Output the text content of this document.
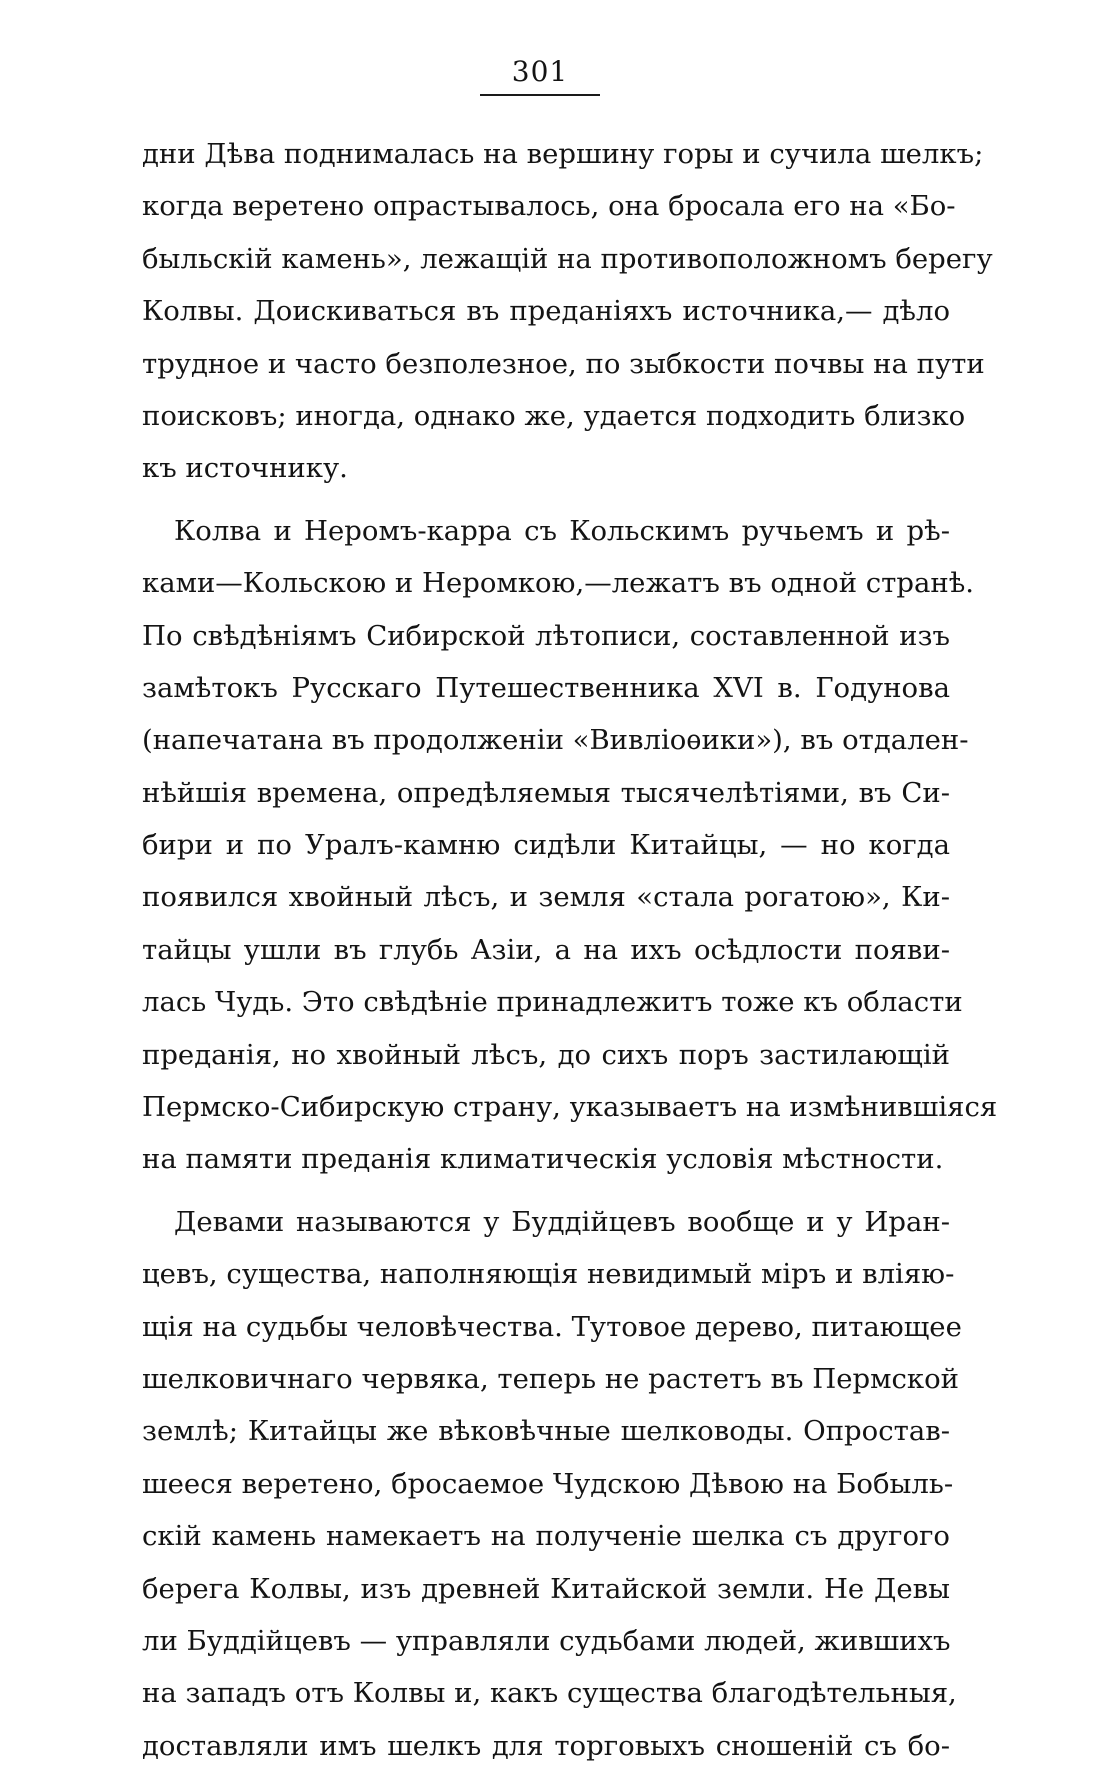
301
дни Дѣва поднималась на вершину горы и сучила шелкъ;
когда веретено опрастывалось, она бросала его на «Бо-
быльскій камень», лежащій на противоположномъ берегу
Колвы. Доискиваться въ преданіяхъ источника,— дѣло
трудное и часто безполезное, по зыбкости почвы на пути
поисковъ; иногда, однако же, удается подходить близко
къ источнику.
Колва и Неромъ-карра съ Кольскимъ ручьемъ и рѣ-
ками—Кольскою и Неромкою,—лежатъ въ одной странѣ.
По свѣдѣніямъ Сибирской лѣтописи, составленной изъ
замѣтокъ Русскаго Путешественника XVI в. Годунова
(напечатана въ продолженіи «Вивліоѳики»), въ отдален-
нѣйшія времена, опредѣляемыя тысячелѣтіями, въ Си-
бири и по Уралъ-камню сидѣли Китайцы, — но когда
появился хвойный лѣсъ, и земля «стала рогатою», Ки-
тайцы ушли въ глубь Азіи, а на ихъ осѣдлости появи-
лась Чудь. Это свѣдѣніе принадлежитъ тоже къ области
преданія, но хвойный лѣсъ, до сихъ поръ застилающій
Пермско-Сибирскую страну, указываетъ на измѣнившіяся
на памяти преданія климатическія условія мѣстности.
Девами называются у Буддійцевъ вообще и у Иран-
цевъ, существа, наполняющія невидимый міръ и вліяю-
щія на судьбы человѣчества. Тутовое дерево, питающее
шелковичнаго червяка, теперь не растетъ въ Пермской
землѣ; Китайцы же вѣковѣчные шелководы. Опростав-
шееся веретено, бросаемое Чудскою Дѣвою на Бобыль-
скій камень намекаетъ на полученіе шелка съ другого
берега Колвы, изъ древней Китайской земли. Не Девы
ли Буддійцевъ — управляли судьбами людей, жившихъ
на западъ отъ Колвы и, какъ существа благодѣтельныя,
доставляли имъ шелкъ для торговыхъ сношеній съ бо-
